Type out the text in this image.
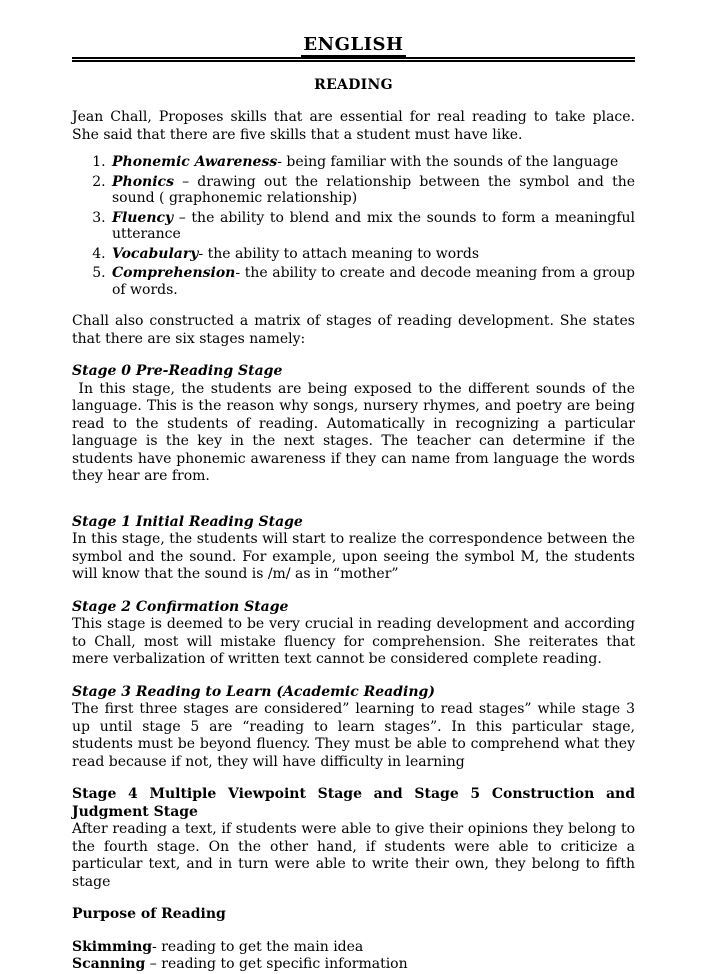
ENGLISH
READING

Jean Chall, Proposes skills that are essential for real reading to take place. She said that there are five skills that a student must have like.

1. Phonemic Awareness- being familiar with the sounds of the language
2. Phonics – drawing out the relationship between the symbol and the sound ( graphonemic relationship)
3. Fluency – the ability to blend and mix the sounds to form a meaningful utterance
4. Vocabulary- the ability to attach meaning to words
5. Comprehension- the ability to create and decode meaning from a group of words.

Chall also constructed a matrix of stages of reading development. She states that there are six stages namely:

Stage 0 Pre-Reading Stage

In this stage, the students are being exposed to the different sounds of the language. This is the reason why songs, nursery rhymes, and poetry are being read to the students of reading. Automatically in recognizing a particular language is the key in the next stages. The teacher can determine if the students have phonemic awareness if they can name from language the words they hear are from.

Stage 1 Initial Reading Stage

In this stage, the students will start to realize the correspondence between the symbol and the sound. For example, upon seeing the symbol M, the students will know that the sound is /m/ as in “mother”

Stage 2 Confirmation Stage

This stage is deemed to be very crucial in reading development and according to Chall, most will mistake fluency for comprehension. She reiterates that mere verbalization of written text cannot be considered complete reading.

Stage 3 Reading to Learn (Academic Reading)

The first three stages are considered” learning to read stages” while stage 3 up until stage 5 are “reading to learn stages”. In this particular stage, students must be beyond fluency. They must be able to comprehend what they read because if not, they will have difficulty in learning

Stage 4 Multiple Viewpoint Stage and Stage 5 Construction and Judgment Stage

After reading a text, if students were able to give their opinions they belong to the fourth stage. On the other hand, if students were able to criticize a particular text, and in turn were able to write their own, they belong to fifth stage

Purpose of Reading

Skimming- reading to get the main idea
Scanning – reading to get specific information
